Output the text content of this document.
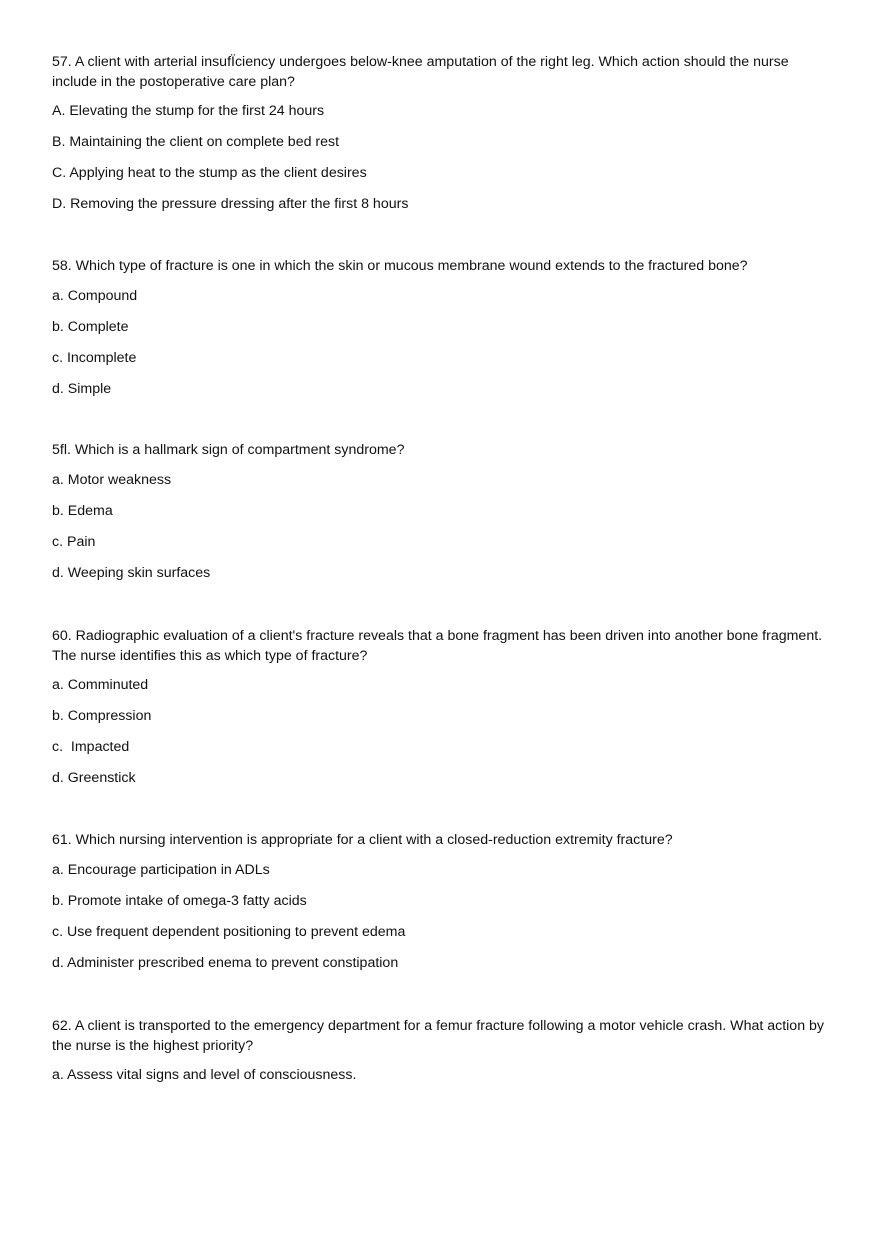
57. A client with arterial insufÏciency undergoes below-knee amputation of the right leg. Which action should the nurse include in the postoperative care plan?

A. Elevating the stump for the first 24 hours

B. Maintaining the client on complete bed rest

C. Applying heat to the stump as the client desires

D. Removing the pressure dressing after the first 8 hours

58. Which type of fracture is one in which the skin or mucous membrane wound extends to the fractured bone?

a. Compound

b. Complete

c. Incomplete

d. Simple

5fl. Which is a hallmark sign of compartment syndrome?

a. Motor weakness

b. Edema

c. Pain

d. Weeping skin surfaces

60. Radiographic evaluation of a client's fracture reveals that a bone fragment has been driven into another bone fragment. The nurse identifies this as which type of fracture?

a. Comminuted

b. Compression

c.  Impacted

d. Greenstick

61. Which nursing intervention is appropriate for a client with a closed-reduction extremity fracture?

a. Encourage participation in ADLs

b. Promote intake of omega-3 fatty acids

c. Use frequent dependent positioning to prevent edema

d. Administer prescribed enema to prevent constipation

62. A client is transported to the emergency department for a femur fracture following a motor vehicle crash. What action by the nurse is the highest priority?

a. Assess vital signs and level of consciousness.
